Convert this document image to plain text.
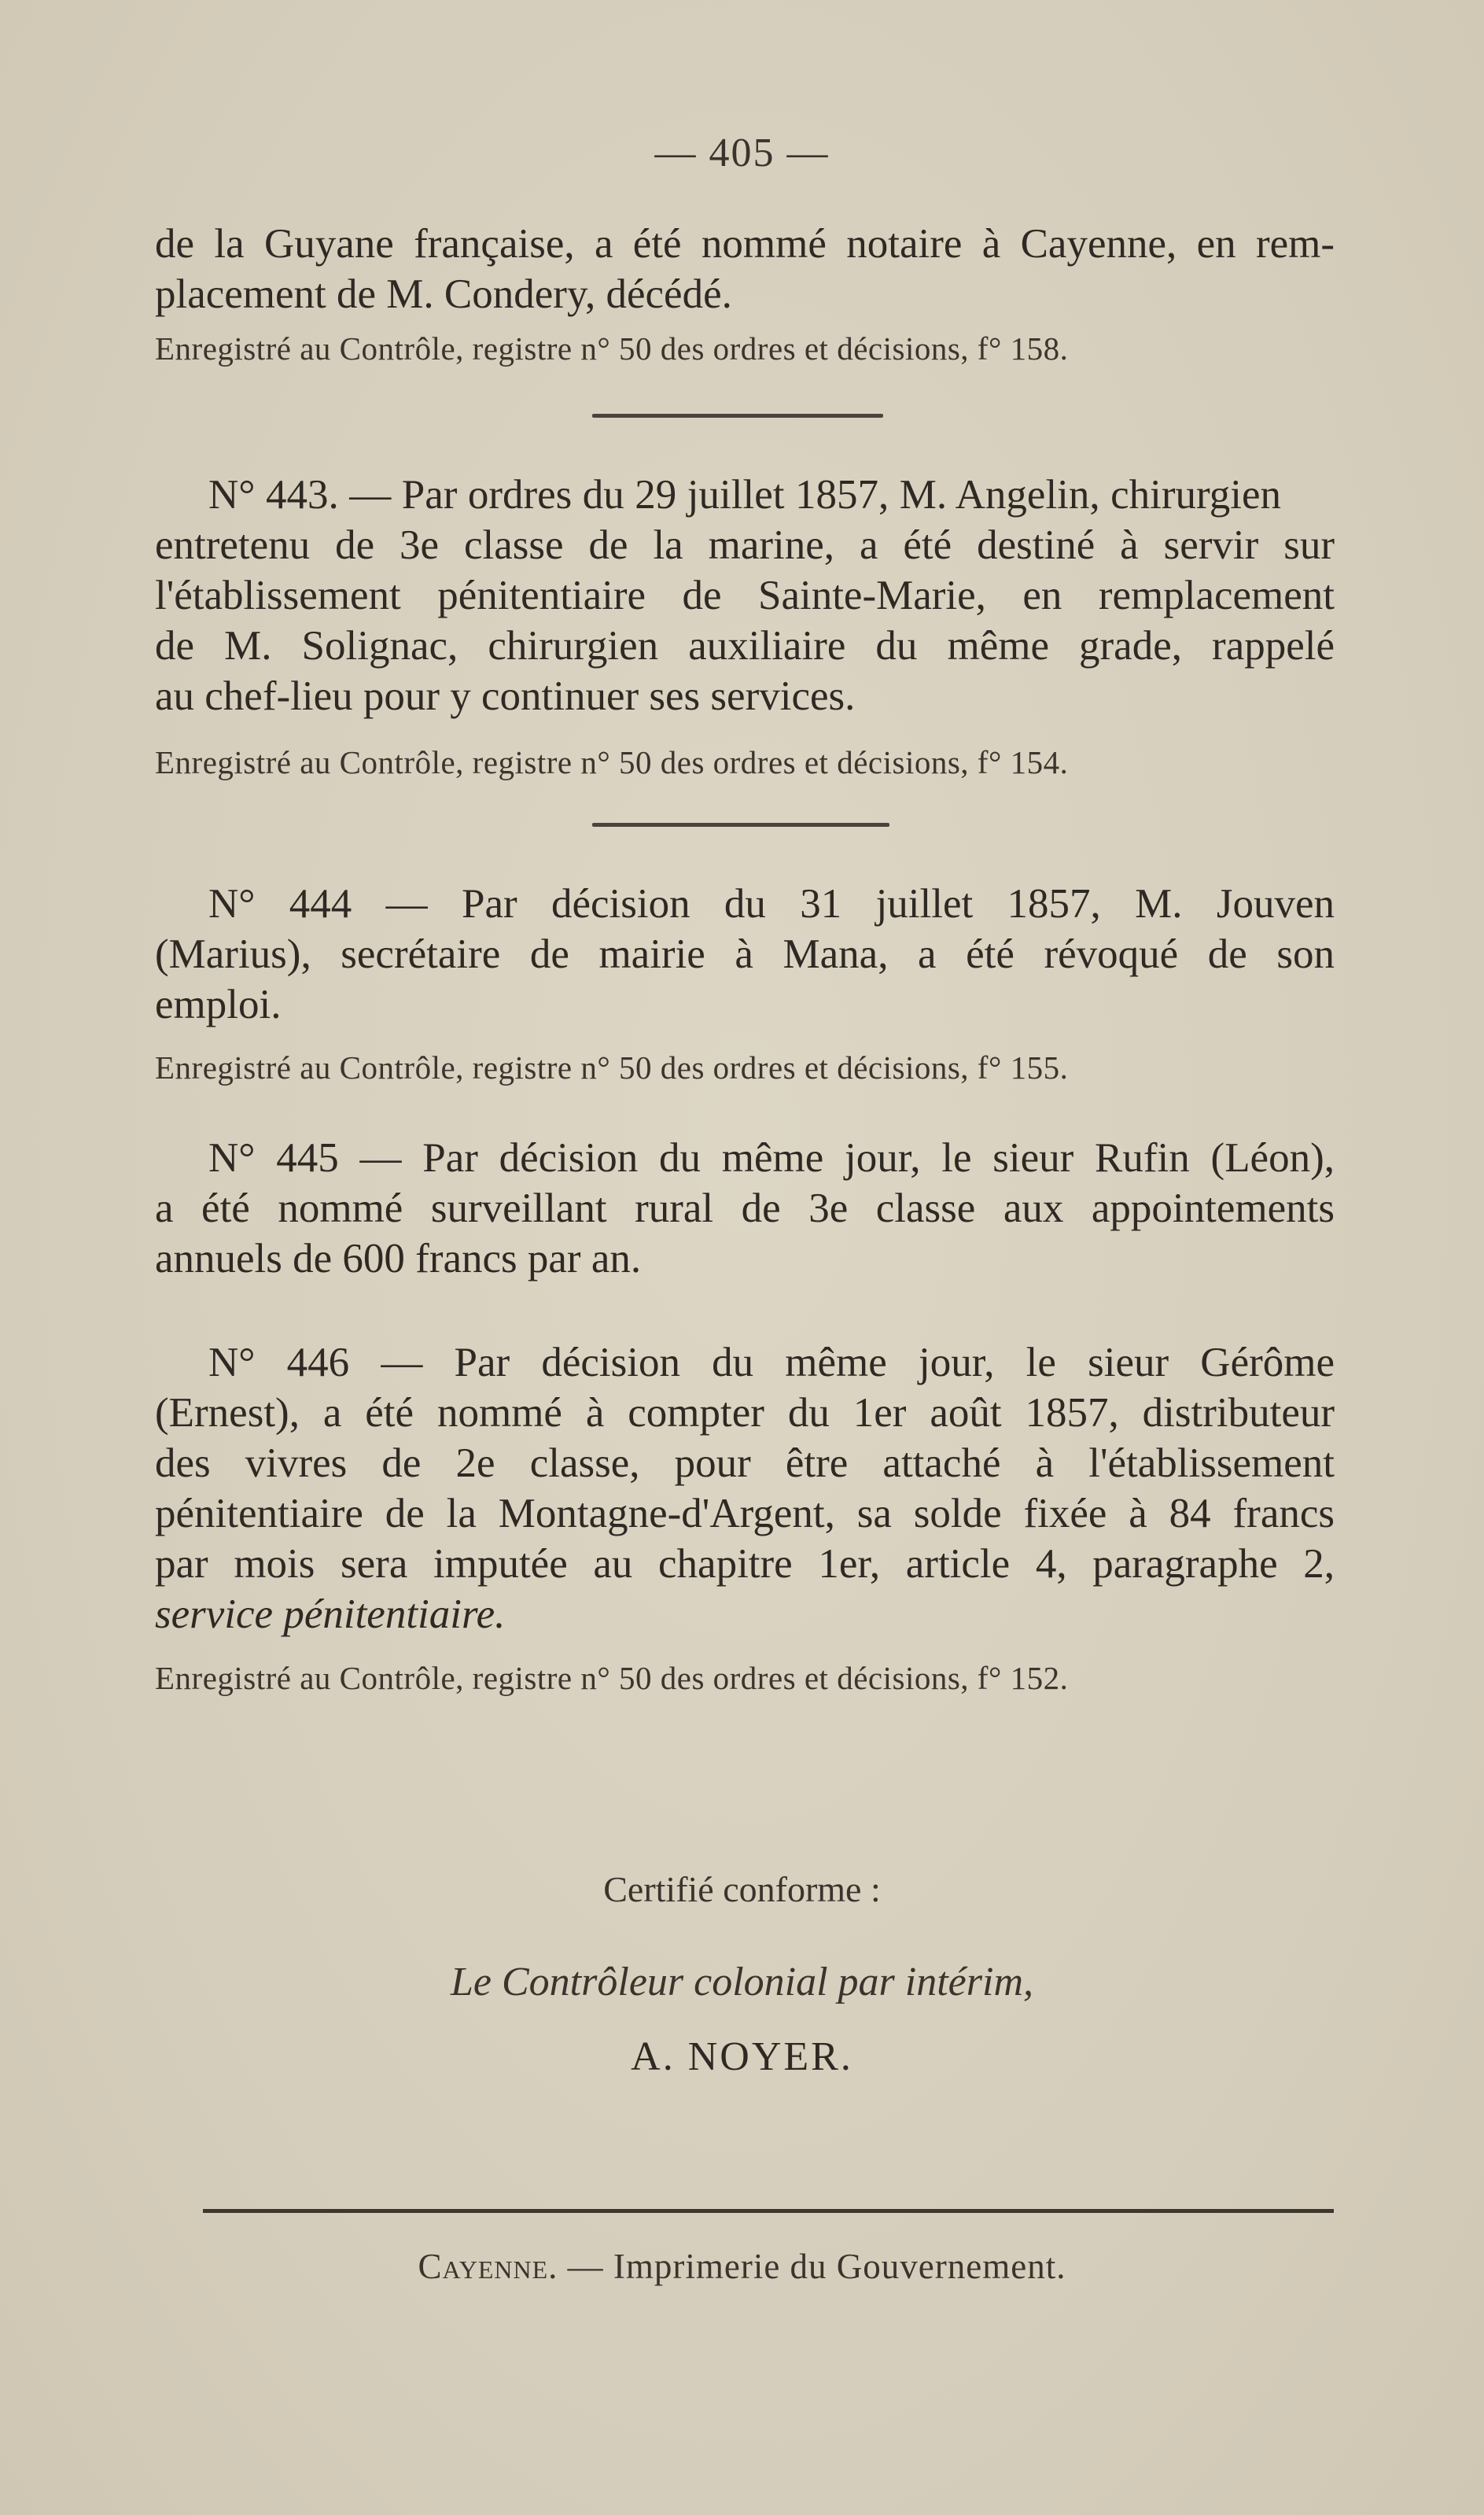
— 405 —
de la Guyane française, a été nommé notaire à Cayenne, en rem-
placement de M. Condery, décédé.
Enregistré au Contrôle, registre n° 50 des ordres et décisions, f° 158.
N° 443. — Par ordres du 29 juillet 1857, M. Angelin, chirurgien
entretenu de 3e classe de la marine, a été destiné à servir sur
l'établissement pénitentiaire de Sainte-Marie, en remplacement
de M. Solignac, chirurgien auxiliaire du même grade, rappelé
au chef-lieu pour y continuer ses services.
Enregistré au Contrôle, registre n° 50 des ordres et décisions, f° 154.
N° 444 — Par décision du 31 juillet 1857, M. Jouven
(Marius), secrétaire de mairie à Mana, a été révoqué de son
emploi.
Enregistré au Contrôle, registre n° 50 des ordres et décisions, f° 155.
N° 445 — Par décision du même jour, le sieur Rufin (Léon),
a été nommé surveillant rural de 3e classe aux appointements
annuels de 600 francs par an.
N° 446 — Par décision du même jour, le sieur Gérôme
(Ernest), a été nommé à compter du 1er août 1857, distributeur
des vivres de 2e classe, pour être attaché à l'établissement
pénitentiaire de la Montagne-d'Argent, sa solde fixée à 84 francs
par mois sera imputée au chapitre 1er, article 4, paragraphe 2,
service pénitentiaire.
Enregistré au Contrôle, registre n° 50 des ordres et décisions, f° 152.
Certifié conforme :
Le Contrôleur colonial par intérim,
A. NOYER.
Cayenne. — Imprimerie du Gouvernement.
